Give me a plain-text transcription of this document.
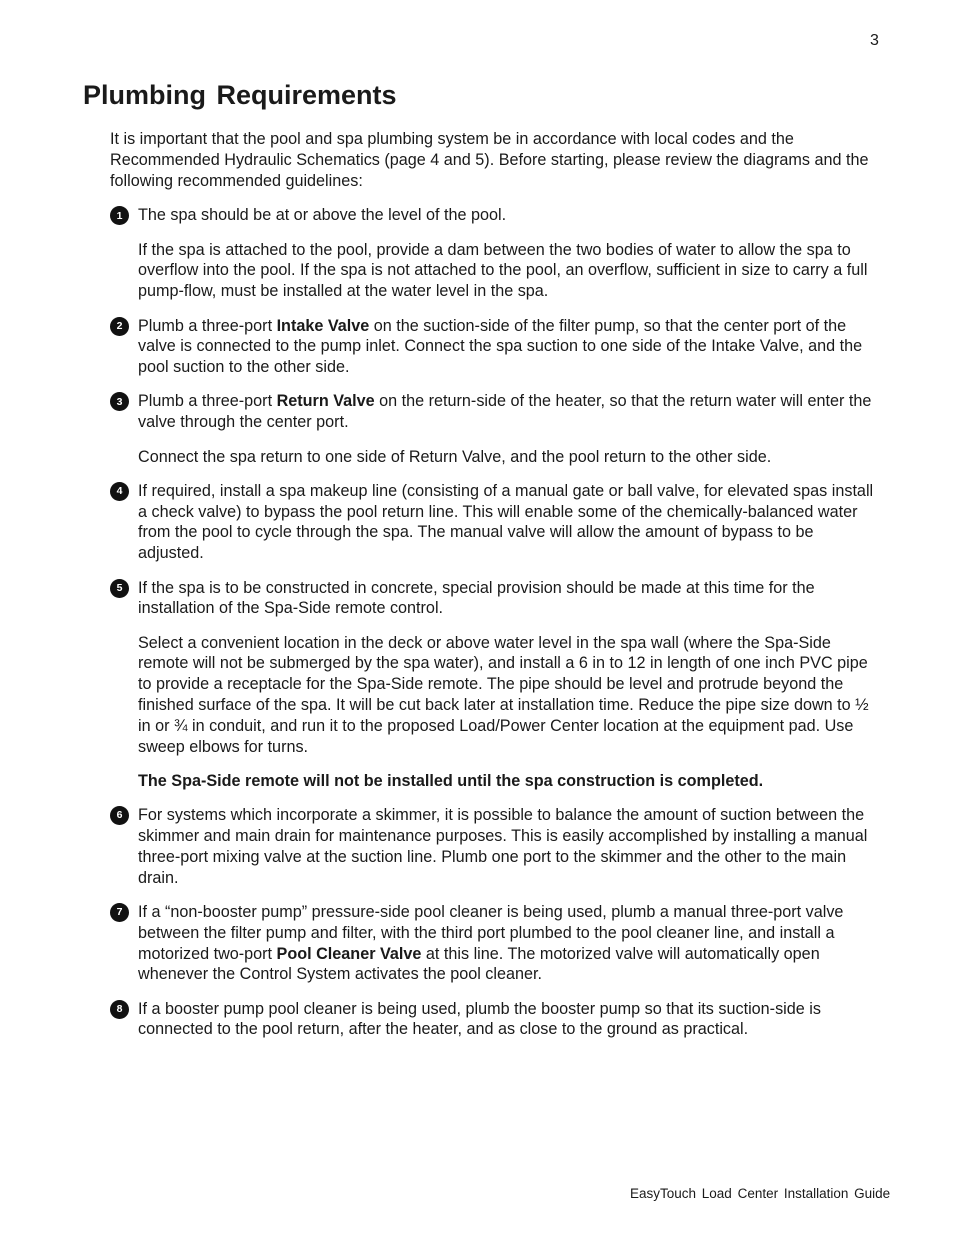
3
Plumbing Requirements

It is important that the pool and spa plumbing system be in accordance with local codes and the Recommended Hydraulic Schematics (page 4 and 5). Before starting, please review the diagrams and the following recommended guidelines:

1 The spa should be at or above the level of the pool.

If the spa is attached to the pool, provide a dam between the two bodies of water to allow the spa to overflow into the pool. If the spa is not attached to the pool, an overflow, sufficient in size to carry a full pump-flow, must be installed at the water level in the spa.

2 Plumb a three-port Intake Valve on the suction-side of the filter pump, so that the center port of the valve is connected to the pump inlet. Connect the spa suction to one side of the Intake Valve, and the pool suction to the other side.

3 Plumb a three-port Return Valve on the return-side of the heater, so that the return water will enter the valve through the center port.

Connect the spa return to one side of Return Valve, and the pool return to the other side.

4 If required, install a spa makeup line (consisting of a manual gate or ball valve, for elevated spas install a check valve) to bypass the pool return line. This will enable some of the chemically-balanced water from the pool to cycle through the spa. The manual valve will allow the amount of bypass to be adjusted.

5 If the spa is to be constructed in concrete, special provision should be made at this time for the installation of the Spa-Side remote control.

Select a convenient location in the deck or above water level in the spa wall (where the Spa-Side remote will not be submerged by the spa water), and install a 6 in to 12 in length of one inch PVC pipe to provide a receptacle for the Spa-Side remote. The pipe should be level and protrude beyond the finished surface of the spa. It will be cut back later at installation time. Reduce the pipe size down to ½ in or ¾ in conduit, and run it to the proposed Load/Power Center location at the equipment pad. Use sweep elbows for turns.

The Spa-Side remote will not be installed until the spa construction is completed.

6 For systems which incorporate a skimmer, it is possible to balance the amount of suction between the skimmer and main drain for maintenance purposes. This is easily accomplished by installing a manual three-port mixing valve at the suction line. Plumb one port to the skimmer and the other to the main drain.

7 If a “non-booster pump” pressure-side pool cleaner is being used, plumb a manual three-port valve between the filter pump and filter, with the third port plumbed to the pool cleaner line, and install a motorized two-port Pool Cleaner Valve at this line. The motorized valve will automatically open whenever the Control System activates the pool cleaner.

8 If a booster pump pool cleaner is being used, plumb the booster pump so that its suction-side is connected to the pool return, after the heater, and as close to the ground as practical.

EasyTouch Load Center Installation Guide
